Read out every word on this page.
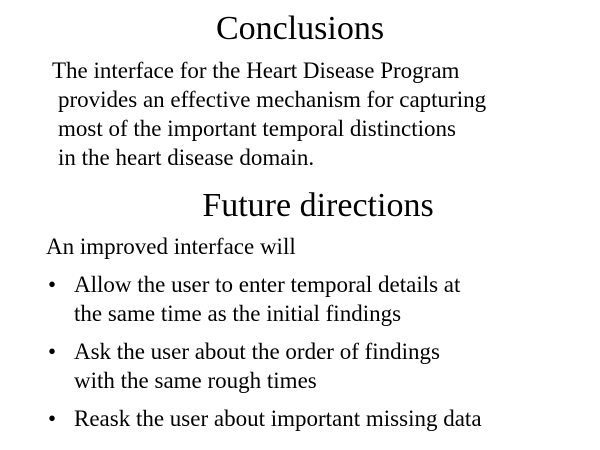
Conclusions

The interface for the Heart Disease Program
provides an effective mechanism for capturing
most of the important temporal distinctions
in the heart disease domain.

Future directions

An improved interface will

• Allow the user to enter temporal details at
the same time as the initial findings
• Ask the user about the order of findings
with the same rough times
• Reask the user about important missing data
